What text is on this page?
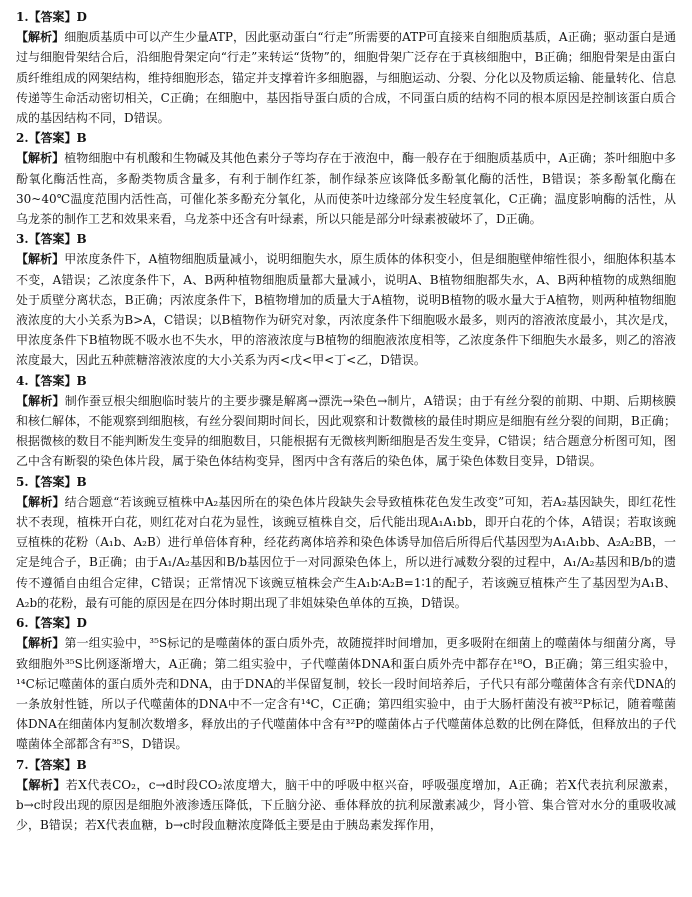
1.【答案】D
【解析】细胞质基质中可以产生少量ATP，因此驱动蛋白“行走”所需要的ATP可直接来自细胞质基质，A正确；驱动蛋白是通过与细胞骨架结合后，沿细胞骨架定向“行走”来转运“货物”的，细胞骨架广泛存在于真核细胞中，B正确；细胞骨架是由蛋白质纤维组成的网架结构，维持细胞形态，锚定并支撑着许多细胞器，与细胞运动、分裂、分化以及物质运输、能量转化、信息传递等生命活动密切相关，C正确；在细胞中，基因指导蛋白质的合成，不同蛋白质的结构不同的根本原因是控制该蛋白质合成的基因结构不同，D错误。
2.【答案】B
【解析】植物细胞中有机酸和生物碱及其他色素分子等均存在于液泡中，酶一般存在于细胞质基质中，A正确；茶叶细胞中多酚氧化酶活性高，多酚类物质含量多，有利于制作红茶，制作绿茶应该降低多酚氧化酶的活性，B错误；茶多酚氧化酶在30~40℃温度范围内活性高，可催化茶多酚充分氧化，从而使茶叶边缘部分发生轻度氧化，C正确；温度影响酶的活性，从乌龙茶的制作工艺和效果来看，乌龙茶中还含有叶绿素，所以只能是部分叶绿素被破坏了，D正确。
3.【答案】B
【解析】甲浓度条件下，A植物细胞质量减小，说明细胞失水，原生质体的体积变小，但是细胞壁伸缩性很小，细胞体积基本不变，A错误；乙浓度条件下，A、B两种植物细胞质量都大量减小，说明A、B植物细胞都失水，A、B两种植物的成熟细胞处于质壁分离状态，B正确；丙浓度条件下，B植物增加的质量大于A植物，说明B植物的吸水量大于A植物，则两种植物细胞液浓度的大小关系为B>A，C错误；以B植物作为研究对象，丙浓度条件下细胞吸水最多，则丙的溶液浓度最小，其次是戊，甲浓度条件下B植物既不吸水也不失水，甲的溶液浓度与B植物的细胞液浓度相等，乙浓度条件下细胞失水最多，则乙的溶液浓度最大，因此五种蔗糖溶液浓度的大小关系为丙<戊<甲<丁<乙，D错误。
4.【答案】B
【解析】制作蚕豆根尖细胞临时装片的主要步骤是解离→漂洗→染色→制片，A错误；由于有丝分裂的前期、中期、后期核膜和核仁解体，不能观察到细胞核，有丝分裂间期时间长，因此观察和计数微核的最佳时期应是细胞有丝分裂的间期，B正确；根据微核的数目不能判断发生变异的细胞数目，只能根据有无微核判断细胞是否发生变异，C错误；结合题意分析图可知，图乙中含有断裂的染色体片段，属于染色体结构变异，图丙中含有落后的染色体，属于染色体数目变异，D错误。
5.【答案】B
【解析】结合题意“若该豌豆植株中A₂基因所在的染色体片段缺失会导致植株花色发生改变”可知，若A₂基因缺失，即红花性状不表现，植株开白花，则红花对白花为显性，该豌豆植株自交，后代能出现A₁A₁bb，即开白花的个体，A错误；若取该豌豆植株的花粉（A₁b、A₂B）进行单倍体育种，经花药离体培养和染色体诱导加倍后所得后代基因型为A₁A₁bb、A₂A₂BB，一定是纯合子，B正确；由于A₁/A₂基因和B/b基因位于一对同源染色体上，所以进行减数分裂的过程中，A₁/A₂基因和B/b的遗传不遵循自由组合定律，C错误；正常情况下该豌豆植株会产生A₁b∶A₂B=1∶1的配子，若该豌豆植株产生了基因型为A₁B、A₂b的花粉，最有可能的原因是在四分体时期出现了非姐妹染色单体的互换，D错误。
6.【答案】D
【解析】第一组实验中，³⁵S标记的是噬菌体的蛋白质外壳，故随搅拌时间增加，更多吸附在细菌上的噬菌体与细菌分离，导致细胞外³⁵S比例逐渐增大，A正确；第二组实验中，子代噬菌体DNA和蛋白质外壳中都存在¹⁸O，B正确；第三组实验中，¹⁴C标记噬菌体的蛋白质外壳和DNA，由于DNA的半保留复制，较长一段时间培养后，子代只有部分噬菌体含有亲代DNA的一条放射性链，所以子代噬菌体的DNA中不一定含有¹⁴C，C正确；第四组实验中，由于大肠杆菌没有被³²P标记，随着噬菌体DNA在细菌体内复制次数增多，释放出的子代噬菌体中含有³²P的噬菌体占子代噬菌体总数的比例在降低，但释放出的子代噬菌体全部都含有³⁵S，D错误。
7.【答案】B
【解析】若X代表CO₂，c→d时段CO₂浓度增大，脑干中的呼吸中枢兴奋，呼吸强度增加，A正确；若X代表抗利尿激素，b→c时段出现的原因是细胞外液渗透压降低，下丘脑分泌、垂体释放的抗利尿激素减少，肾小管、集合管对水分的重吸收减少，B错误；若X代表血糖，b→c时段血糖浓度降低主要是由于胰岛素发挥作用，
